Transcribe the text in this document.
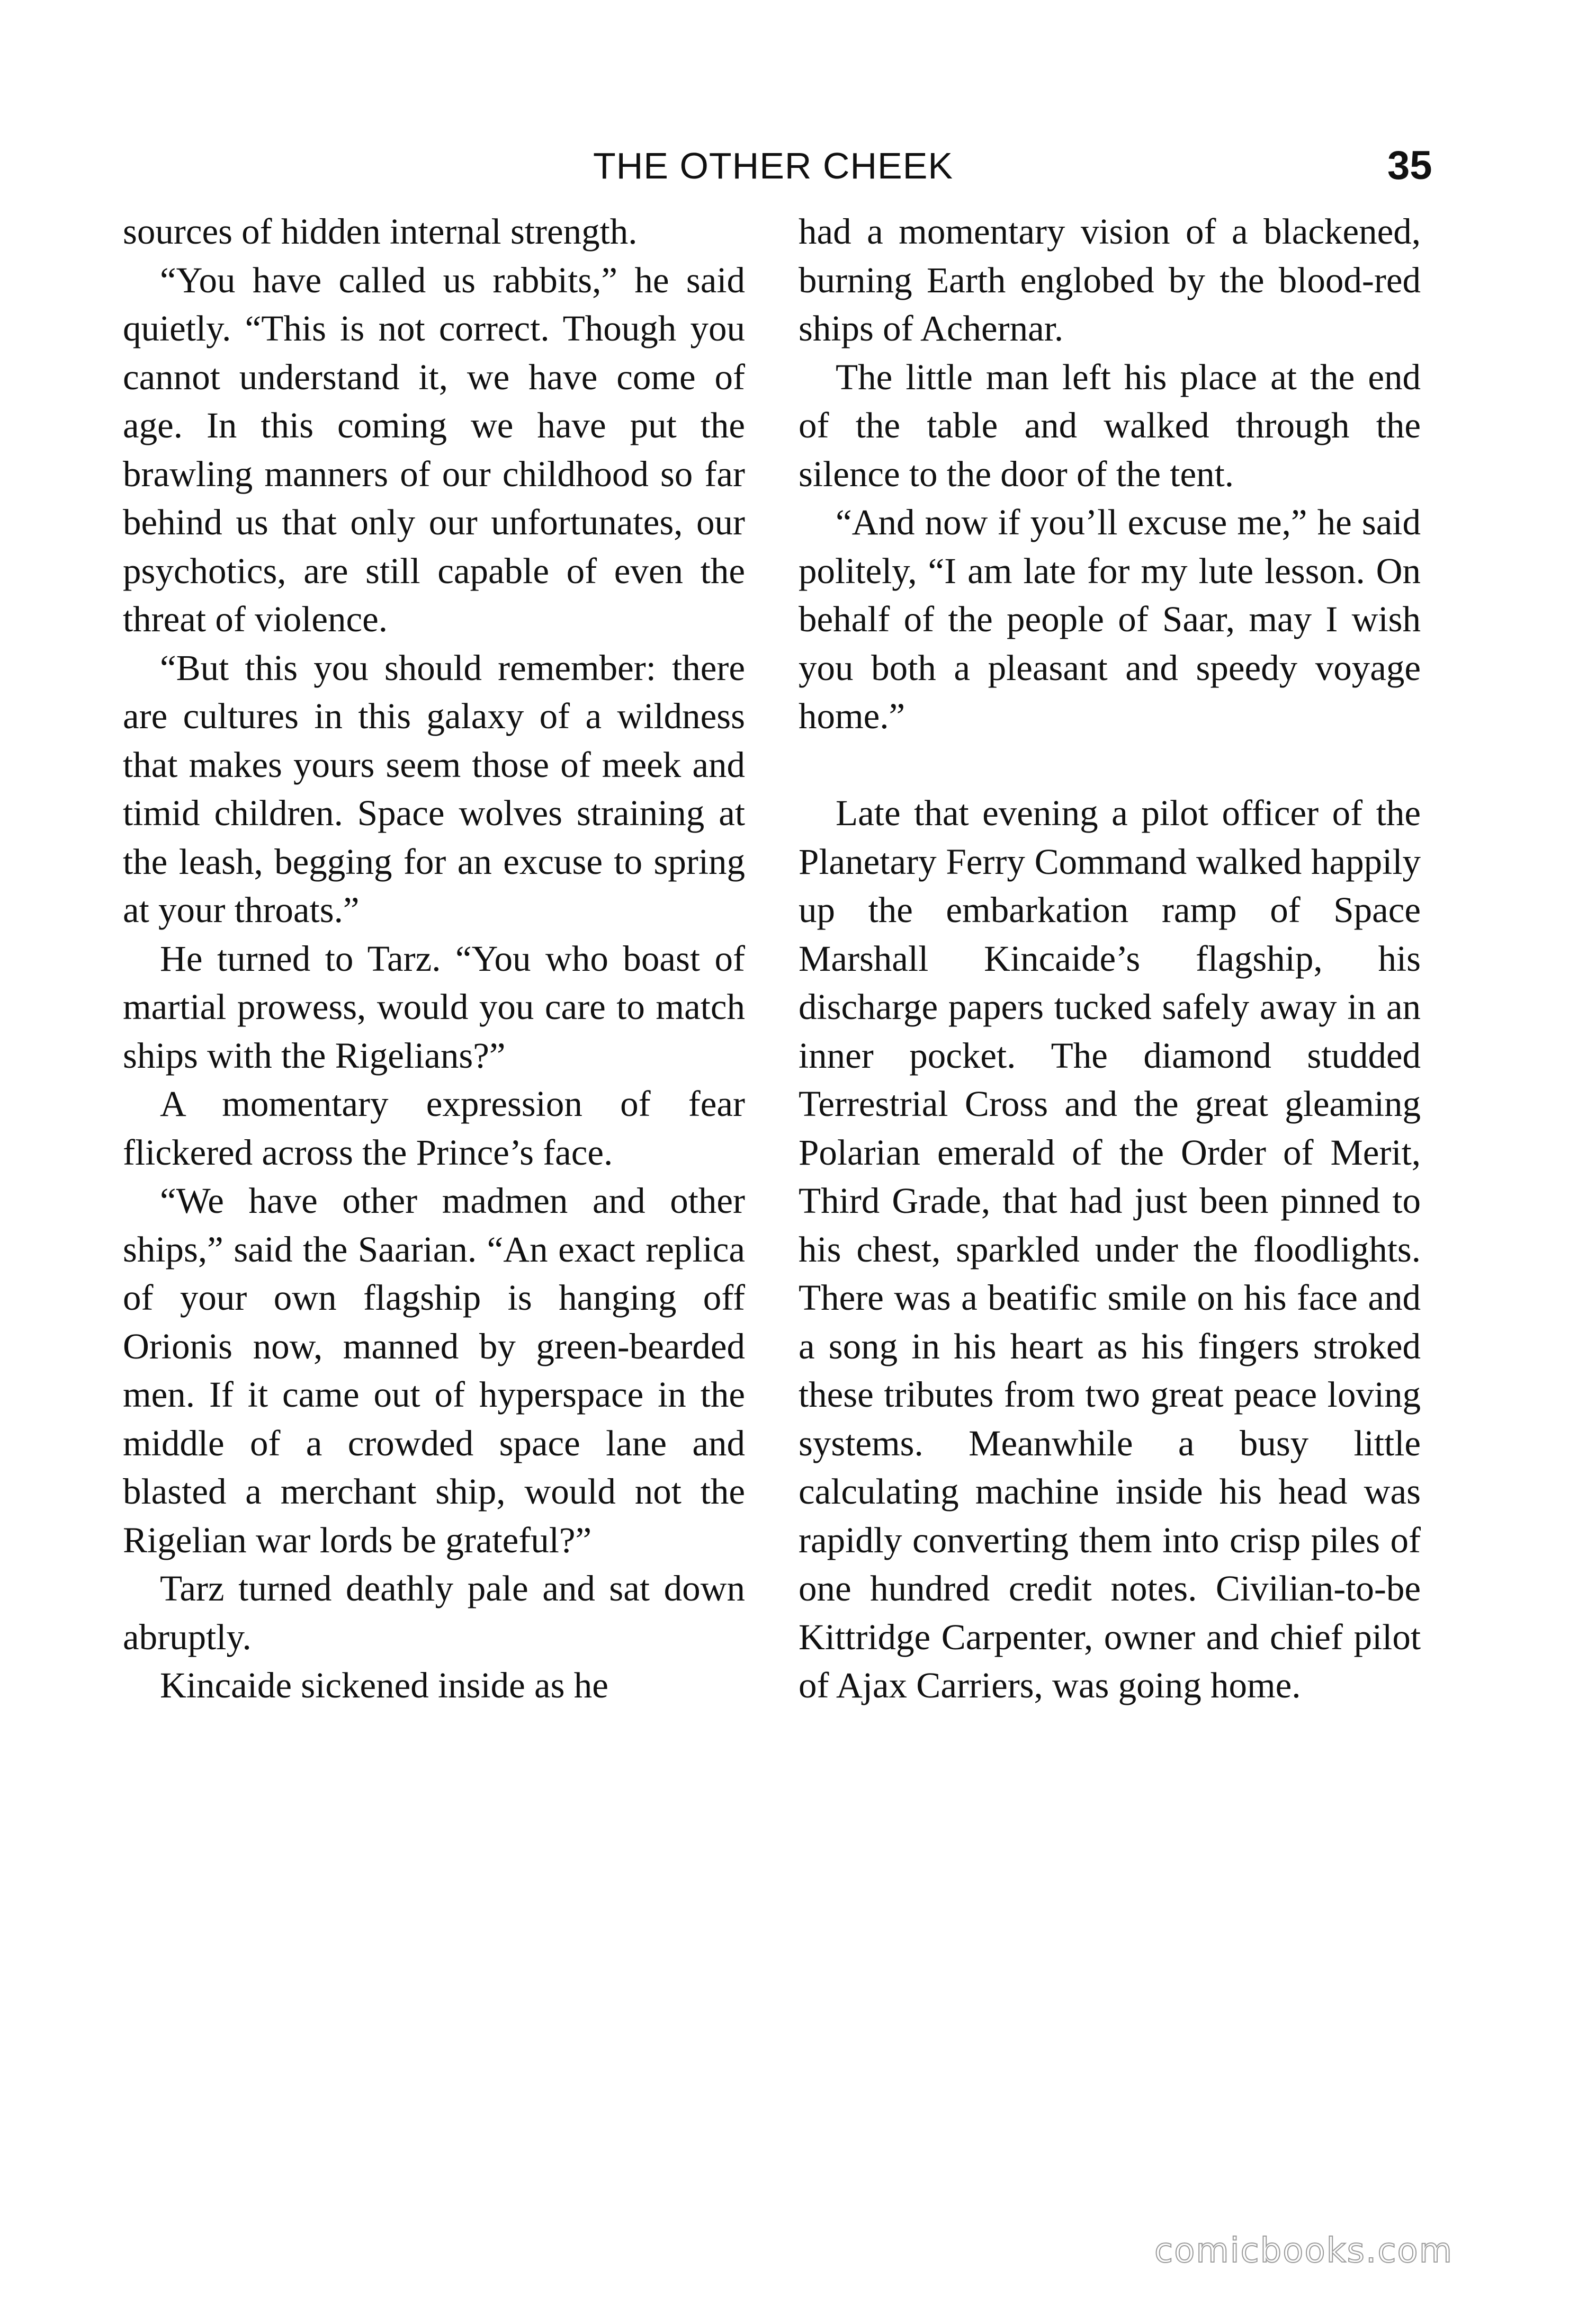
THE OTHER CHEEK	35

sources of hidden internal strength.

“You have called us rabbits,” he said quietly. “This is not correct. Though you cannot understand it, we have come of age. In this coming we have put the brawling manners of our childhood so far behind us that only our unfortunates, our psychotics, are still capable of even the threat of violence.

“But this you should remember: there are cultures in this galaxy of a wildness that makes yours seem those of meek and timid children. Space wolves straining at the leash, begging for an excuse to spring at your throats.”

He turned to Tarz. “You who boast of martial prowess, would you care to match ships with the Rigelians?”

A momentary expression of fear flickered across the Prince’s face.

“We have other madmen and other ships,” said the Saarian. “An exact replica of your own flagship is hanging off Orionis now, manned by green-bearded men. If it came out of hyperspace in the middle of a crowded space lane and blasted a merchant ship, would not the Rigelian war lords be grateful?”

Tarz turned deathly pale and sat down abruptly.

Kincaide sickened inside as he

had a momentary vision of a blackened, burning Earth englobed by the blood-red ships of Achernar.

The little man left his place at the end of the table and walked through the silence to the door of the tent.

“And now if you’ll excuse me,” he said politely, “I am late for my lute lesson. On behalf of the people of Saar, may I wish you both a pleasant and speedy voyage home.”

Late that evening a pilot officer of the Planetary Ferry Command walked happily up the embarkation ramp of Space Marshall Kincaide’s flagship, his discharge papers tucked safely away in an inner pocket. The diamond studded Terrestrial Cross and the great gleaming Polarian emerald of the Order of Merit, Third Grade, that had just been pinned to his chest, sparkled under the floodlights. There was a beatific smile on his face and a song in his heart as his fingers stroked these tributes from two great peace loving systems. Meanwhile a busy little calculating machine inside his head was rapidly converting them into crisp piles of one hundred credit notes. Civilian-to-be Kittridge Carpenter, owner and chief pilot of Ajax Carriers, was going home.

comicbooks.com
